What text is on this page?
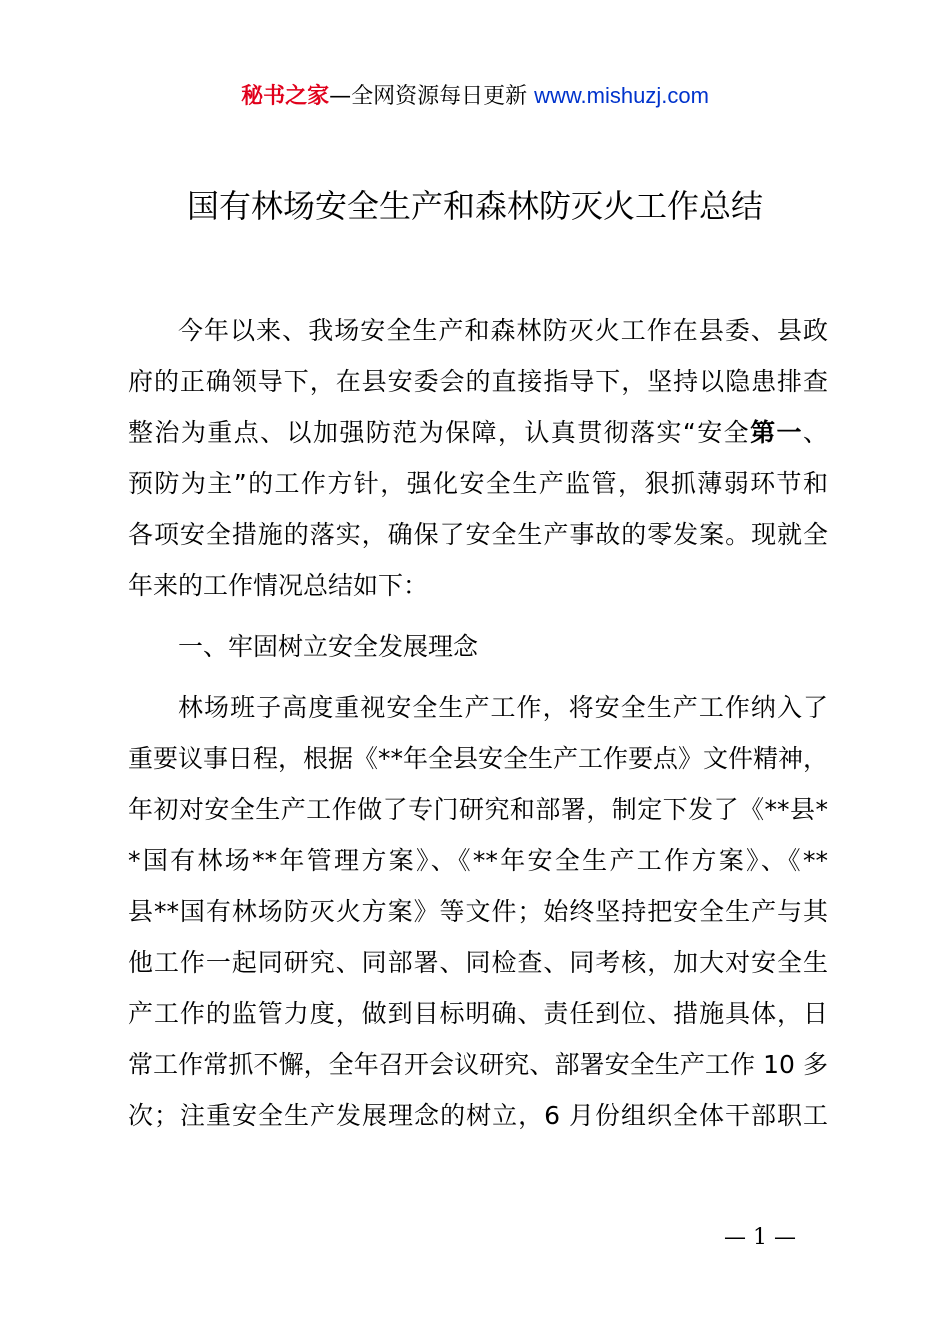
秘书之家—全网资源每日更新 www.mishuzj.com
国有林场安全生产和森林防灭火工作总结
今年以来、我场安全生产和森林防灭火工作在县委、县政
府的正确领导下，在县安委会的直接指导下，坚持以隐患排查
整治为重点、以加强防范为保障，认真贯彻落实“安全第一、
预防为主”的工作方针，强化安全生产监管，狠抓薄弱环节和
各项安全措施的落实，确保了安全生产事故的零发案。现就全
年来的工作情况总结如下：
一、牢固树立安全发展理念
林场班子高度重视安全生产工作，将安全生产工作纳入了
重要议事日程，根据《**年全县安全生产工作要点》文件精神，
年初对安全生产工作做了专门研究和部署，制定下发了《**县*
*国有林场**年管理方案》、《**年安全生产工作方案》、《**
县**国有林场防灭火方案》等文件；始终坚持把安全生产与其
他工作一起同研究、同部署、同检查、同考核，加大对安全生
产工作的监管力度，做到目标明确、责任到位、措施具体，日
常工作常抓不懈，全年召开会议研究、部署安全生产工作 10 多
次；注重安全生产发展理念的树立，6 月份组织全体干部职工
— 1 —
